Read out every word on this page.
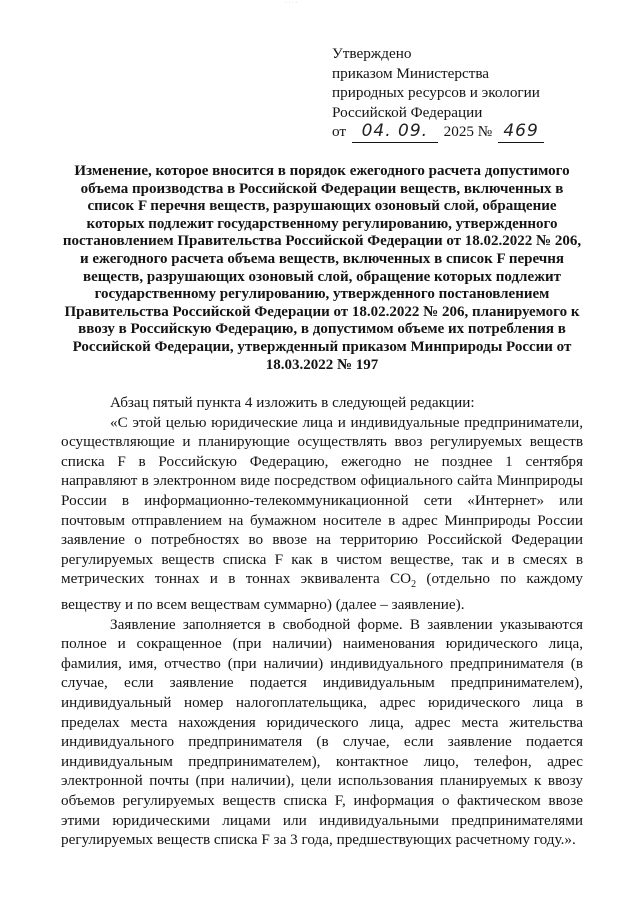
· · · ·
Утверждено
приказом Министерства
природных ресурсов и экологии
Российской Федерации
от 04. 09. 2025 № 469
Изменение, которое вносится в порядок ежегодного расчета допустимого объема производства в Российской Федерации веществ, включенных в список F перечня веществ, разрушающих озоновый слой, обращение которых подлежит государственному регулированию, утвержденного постановлением Правительства Российской Федерации от 18.02.2022 № 206, и ежегодного расчета объема веществ, включенных в список F перечня веществ, разрушающих озоновый слой, обращение которых подлежит государственному регулированию, утвержденного постановлением Правительства Российской Федерации от 18.02.2022 № 206, планируемого к ввозу в Российскую Федерацию, в допустимом объеме их потребления в Российской Федерации, утвержденный приказом Минприроды России от 18.03.2022 № 197

Абзац пятый пункта 4 изложить в следующей редакции:

«С этой целью юридические лица и индивидуальные предприниматели, осуществляющие и планирующие осуществлять ввоз регулируемых веществ списка F в Российскую Федерацию, ежегодно не позднее 1 сентября направляют в электронном виде посредством официального сайта Минприроды России в информационно-телекоммуникационной сети «Интернет» или почтовым отправлением на бумажном носителе в адрес Минприроды России заявление о потребностях во ввозе на территорию Российской Федерации регулируемых веществ списка F как в чистом веществе, так и в смесях в метрических тоннах и в тоннах эквивалента $CO_2$ (отдельно по каждому веществу и по всем веществам суммарно) (далее – заявление).

Заявление заполняется в свободной форме. В заявлении указываются полное и сокращенное (при наличии) наименования юридического лица, фамилия, имя, отчество (при наличии) индивидуального предпринимателя (в случае, если заявление подается индивидуальным предпринимателем), индивидуальный номер налогоплательщика, адрес юридического лица в пределах места нахождения юридического лица, адрес места жительства индивидуального предпринимателя (в случае, если заявление подается индивидуальным предпринимателем), контактное лицо, телефон, адрес электронной почты (при наличии), цели использования планируемых к ввозу объемов регулируемых веществ списка F, информация о фактическом ввозе этими юридическими лицами или индивидуальными предпринимателями регулируемых веществ списка F за 3 года, предшествующих расчетному году.».
